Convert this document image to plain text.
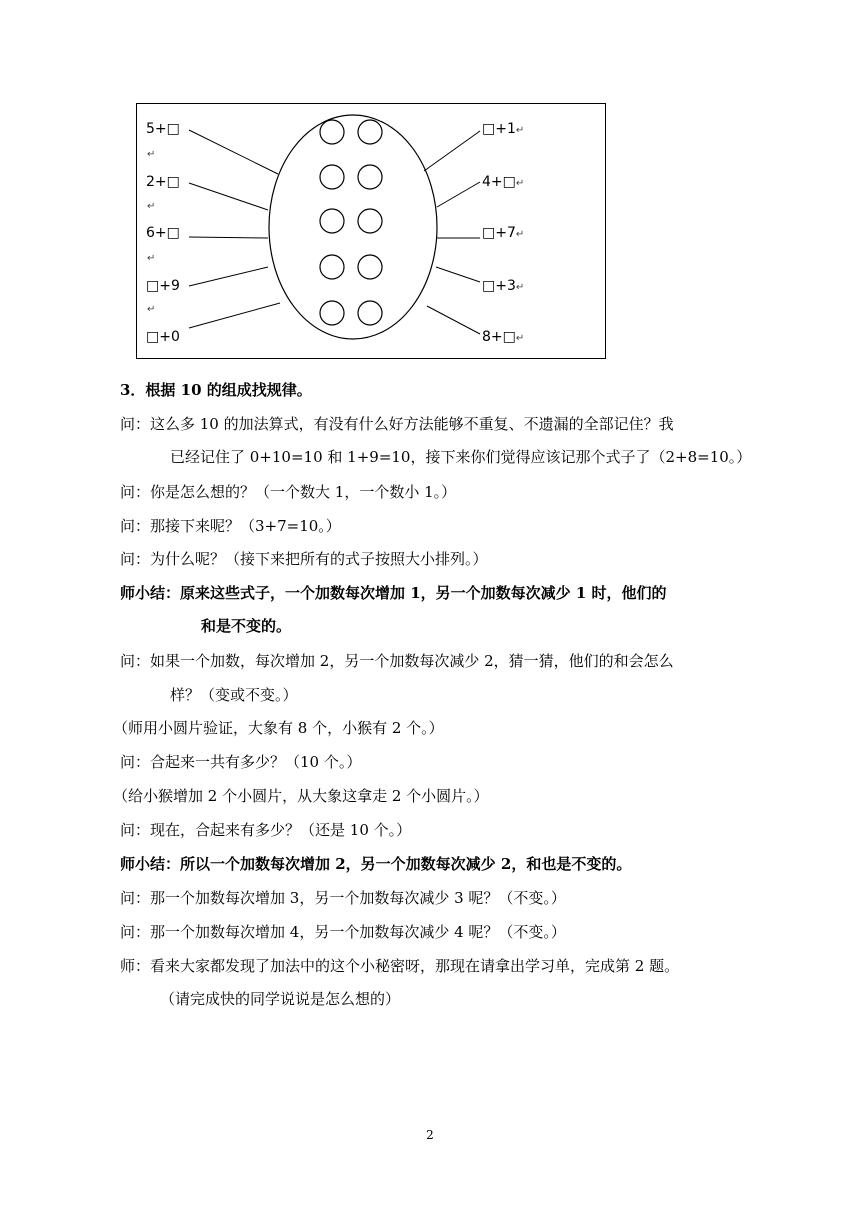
5+□
↵
2+□
↵
6+□
↵
□+9
↵
□+0
□+1↵
4+□↵
□+7↵
□+3↵
8+□↵
3．根据 10 的组成找规律。
问：这么多 10 的加法算式，有没有什么好方法能够不重复、不遗漏的全部记住？我
已经记住了 0+10=10 和 1+9=10，接下来你们觉得应该记那个式子了（2+8=10。）
问：你是怎么想的？（一个数大 1，一个数小 1。）
问：那接下来呢？（3+7=10。）
问：为什么呢？（接下来把所有的式子按照大小排列。）
师小结：原来这些式子，一个加数每次增加 1，另一个加数每次减少 1 时，他们的
和是不变的。
问：如果一个加数，每次增加 2，另一个加数每次减少 2，猜一猜，他们的和会怎么
样？（变或不变。）
（师用小圆片验证，大象有 8 个，小猴有 2 个。）
问：合起来一共有多少？（10 个。）
（给小猴增加 2 个小圆片，从大象这拿走 2 个小圆片。）
问：现在，合起来有多少？（还是 10 个。）
师小结：所以一个加数每次增加 2，另一个加数每次减少 2，和也是不变的。
问：那一个加数每次增加 3，另一个加数每次减少 3 呢？（不变。）
问：那一个加数每次增加 4，另一个加数每次减少 4 呢？（不变。）
师：看来大家都发现了加法中的这个小秘密呀，那现在请拿出学习单，完成第 2 题。
（请完成快的同学说说是怎么想的）
2
